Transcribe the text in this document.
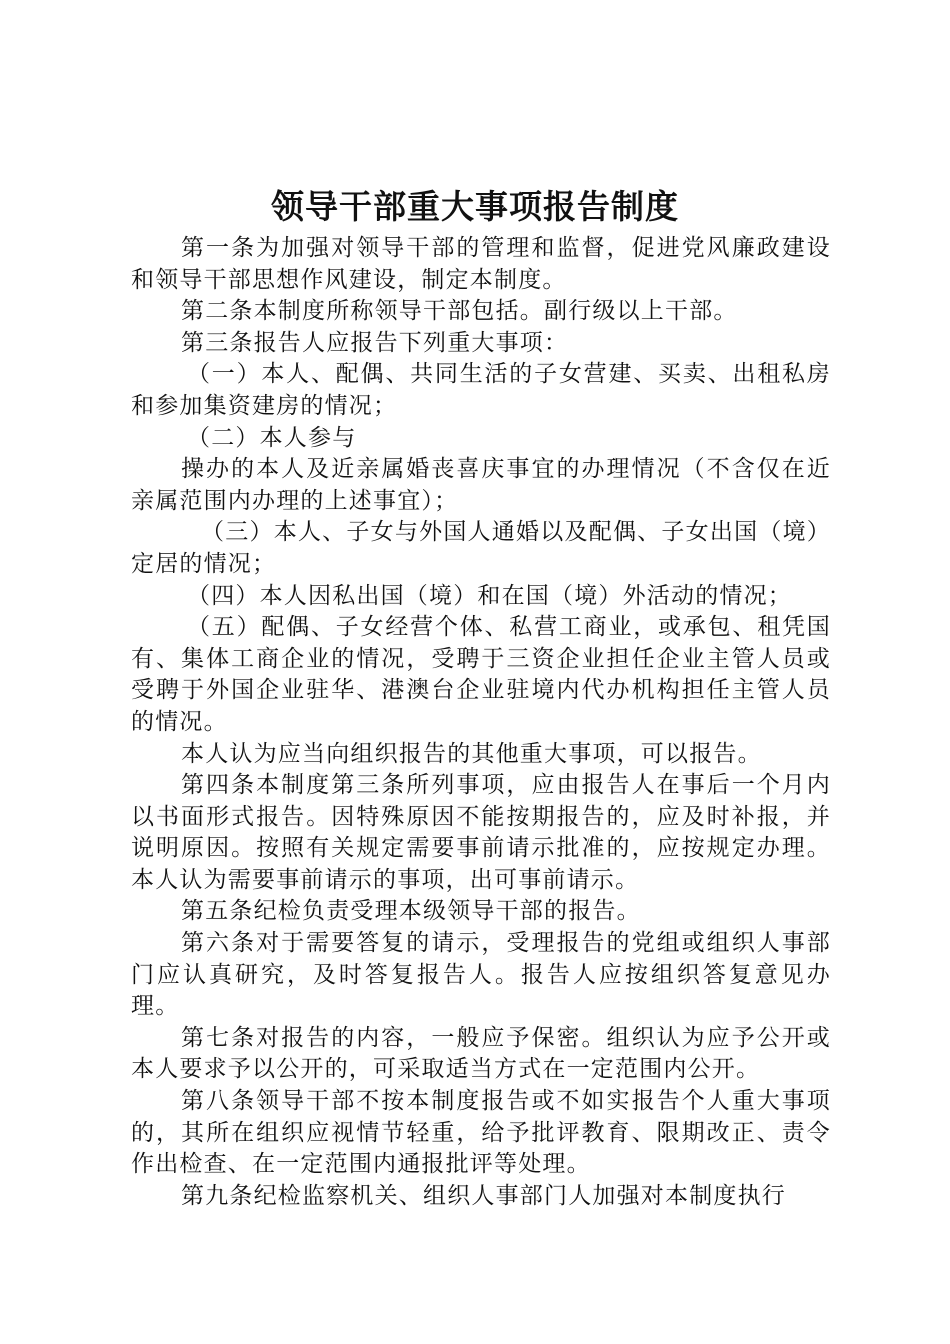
领导干部重大事项报告制度

第一条为加强对领导干部的管理和监督，促进党风廉政建设和领导干部思想作风建设，制定本制度。

第二条本制度所称领导干部包括。副行级以上干部。

第三条报告人应报告下列重大事项：

（一）本人、配偶、共同生活的子女营建、买卖、出租私房和参加集资建房的情况；

（二）本人参与

操办的本人及近亲属婚丧喜庆事宜的办理情况（不含仅在近亲属范围内办理的上述事宜）；

（三）本人、子女与外国人通婚以及配偶、子女出国（境）定居的情况；

（四）本人因私出国（境）和在国（境）外活动的情况；

（五）配偶、子女经营个体、私营工商业，或承包、租凭国有、集体工商企业的情况，受聘于三资企业担任企业主管人员或受聘于外国企业驻华、港澳台企业驻境内代办机构担任主管人员的情况。

本人认为应当向组织报告的其他重大事项，可以报告。

第四条本制度第三条所列事项，应由报告人在事后一个月内以书面形式报告。因特殊原因不能按期报告的，应及时补报，并说明原因。按照有关规定需要事前请示批准的，应按规定办理。本人认为需要事前请示的事项，出可事前请示。

第五条纪检负责受理本级领导干部的报告。

第六条对于需要答复的请示，受理报告的党组或组织人事部门应认真研究，及时答复报告人。报告人应按组织答复意见办理。

第七条对报告的内容，一般应予保密。组织认为应予公开或本人要求予以公开的，可采取适当方式在一定范围内公开。

第八条领导干部不按本制度报告或不如实报告个人重大事项的，其所在组织应视情节轻重，给予批评教育、限期改正、责令作出检查、在一定范围内通报批评等处理。

第九条纪检监察机关、组织人事部门人加强对本制度执行
